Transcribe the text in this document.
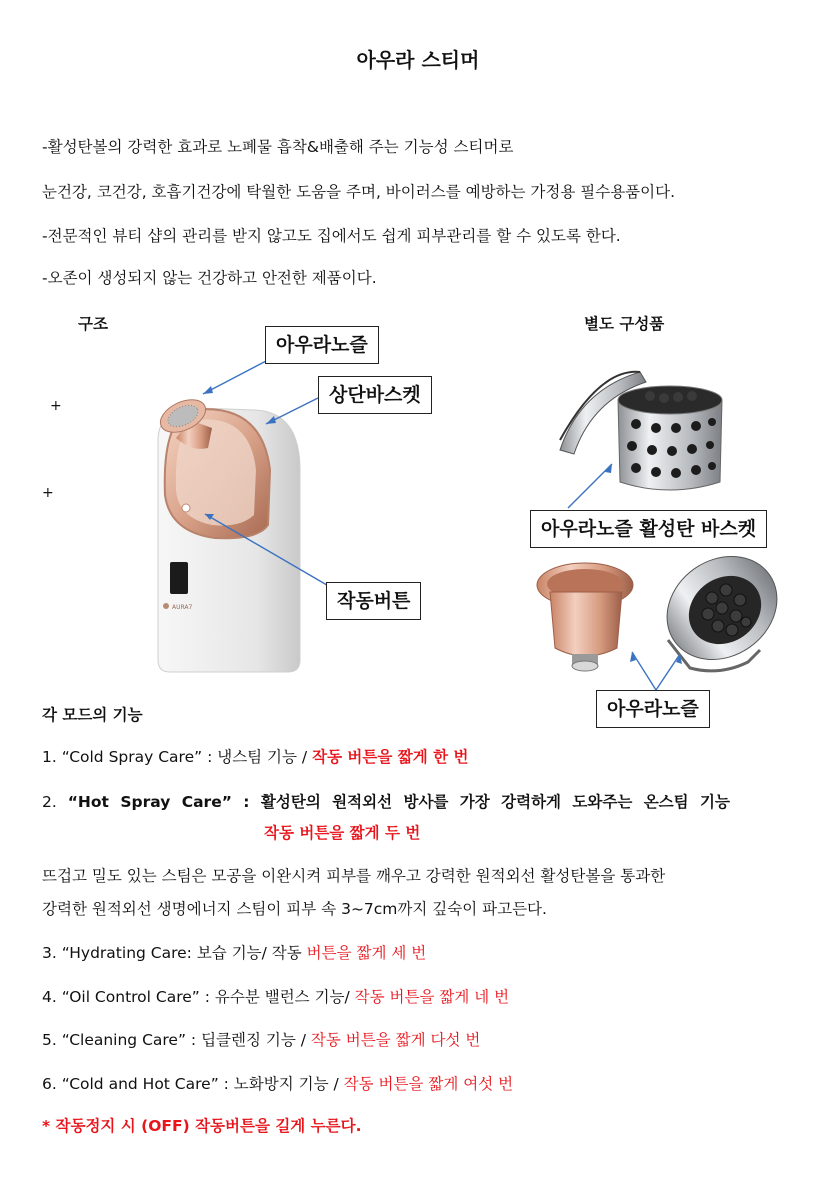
아우라 스티머
-활성탄볼의 강력한 효과로 노폐물 흡착&배출해 주는 기능성 스티머로
눈건강, 코건강, 호흡기건강에 탁월한 도움을 주며, 바이러스를 예방하는 가정용 필수용품이다.
-전문적인 뷰티 샵의 관리를 받지 않고도 집에서도 쉽게 피부관리를 할 수 있도록 한다.
-오존이 생성되지 않는 건강하고 안전한 제품이다.
구조	별도 구성품
+
+
AURA7
아우라노즐
상단바스켓
작동버튼
아우라노즐 활성탄 바스켓
아우라노즐
각 모드의 기능
1. “Cold Spray Care” : 냉스팀 기능 / 작동 버튼을 짧게 한 번
2. “Hot Spray Care” : 활성탄의 원적외선 방사를 가장 강력하게 도와주는 온스팀 기능
작동 버튼을 짧게 두 번
뜨겁고 밀도 있는 스팀은 모공을 이완시켜 피부를 깨우고 강력한 원적외선 활성탄볼을 통과한
강력한 원적외선 생명에너지 스팀이 피부 속 3~7cm까지 깊숙이 파고든다.
3. “Hydrating Care: 보습 기능/ 작동 버튼을 짧게 세 번
4. “Oil Control Care” : 유수분 밸런스 기능/ 작동 버튼을 짧게 네 번
5. “Cleaning Care” : 딥클렌징 기능 / 작동 버튼을 짧게 다섯 번
6. “Cold and Hot Care” : 노화방지 기능 / 작동 버튼을 짧게 여섯 번
* 작동정지 시 (OFF) 작동버튼을 길게 누른다.
